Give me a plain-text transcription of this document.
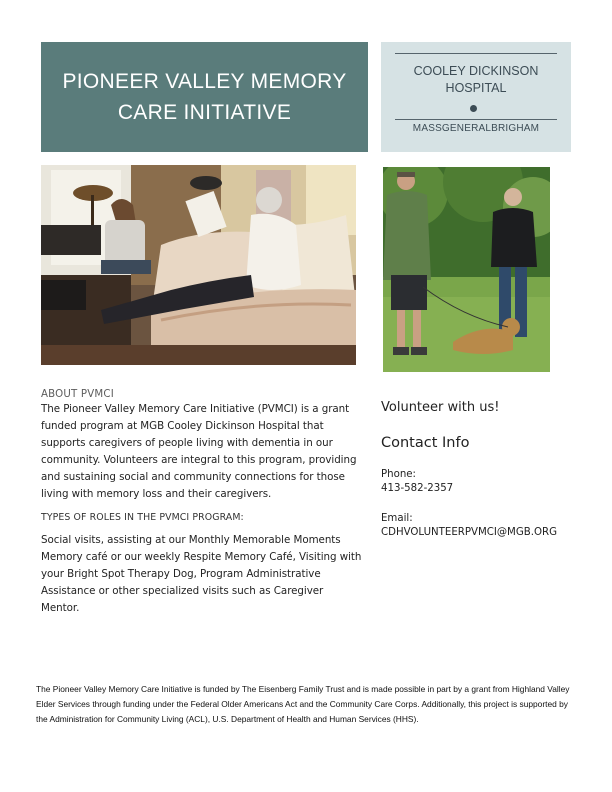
PIONEER VALLEY MEMORY
CARE INITIATIVE
COOLEY DICKINSON
HOSPITAL
MASSGENERALBRIGHAM
ABOUT PVMCI

The Pioneer Valley Memory Care Initiative (PVMCI) is a grant funded program at MGB Cooley Dickinson Hospital that supports caregivers of people living with dementia in our community. Volunteers are integral to this program, providing and sustaining social and community connections for those living with memory loss and their caregivers.

TYPES OF ROLES IN THE PVMCI PROGRAM:

Social visits, assisting at our Monthly Memorable Moments Memory café or our weekly Respite Memory Café, Visiting with your Bright Spot Therapy Dog, Program Administrative Assistance or other specialized visits such as Caregiver Mentor.

Volunteer with us!

Contact Info

Phone:

413-582-2357

Email:

CDHVOLUNTEERPVMCI@MGB.ORG

The Pioneer Valley Memory Care Initiative is funded by The Eisenberg Family Trust and is made possible in part by a grant from Highland Valley Elder Services through funding under the Federal Older Americans Act and the Community Care Corps. Additionally, this project is supported by the Administration for Community Living (ACL), U.S. Department of Health and Human Services (HHS).
